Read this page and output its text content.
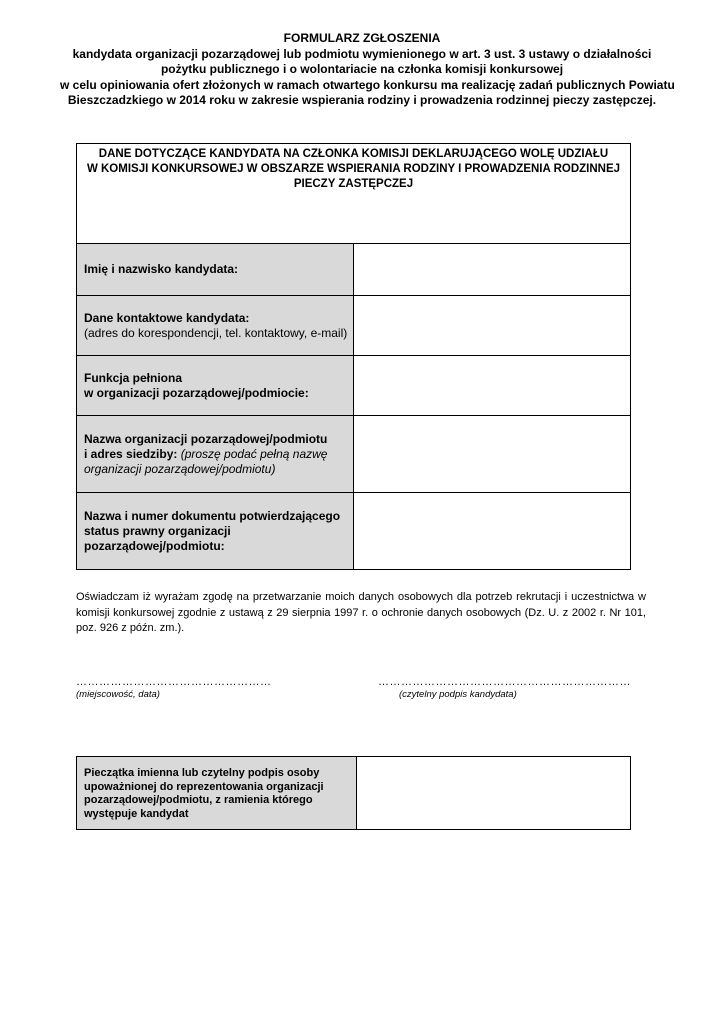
FORMULARZ ZGŁOSZENIA
kandydata organizacji pozarządowej lub podmiotu wymienionego w art. 3 ust. 3 ustawy o działalności
pożytku publicznego i o wolontariacie na członka komisji konkursowej
w celu opiniowania ofert złożonych w ramach otwartego konkursu ma realizację zadań publicznych Powiatu
Bieszczadzkiego w 2014 roku w zakresie wspierania rodziny i prowadzenia rodzinnej pieczy zastępczej.
DANE DOTYCZĄCE KANDYDATA NA CZŁONKA KOMISJI DEKLARUJĄCEGO WOLĘ UDZIAŁU
W KOMISJI KONKURSOWEJ W OBSZARZE WSPIERANIA RODZINY I PROWADZENIA RODZINNEJ
PIECZY ZASTĘPCZEJ	

Imię i nazwisko kandydata:	

Dane kontaktowe kandydata:
(adres do korespondencji, tel. kontaktowy, e-mail)	

Funkcja pełniona
w organizacji pozarządowej/podmiocie:	

Nazwa organizacji pozarządowej/podmiotu
i adres siedziby: (proszę podać pełną nazwę
organizacji pozarządowej/podmiotu)	

Nazwa i numer dokumentu potwierdzającego
status prawny organizacji
pozarządowej/podmiotu:	

Oświadczam iż wyrażam zgodę na przetwarzanie moich danych osobowych dla potrzeb rekrutacji i uczestnictwa w komisji konkursowej zgodnie z ustawą z 29 sierpnia 1997 r. o ochronie danych osobowych (Dz. U. z 2002 r. Nr 101, poz. 926 z późn. zm.).
……………………………………………
(miejscowość, data)
…………………………………………………………
(czytelny podpis kandydata)
Pieczątka imienna lub czytelny podpis osoby
upoważnionej do reprezentowania organizacji
pozarządowej/podmiotu, z ramienia którego
występuje kandydat
